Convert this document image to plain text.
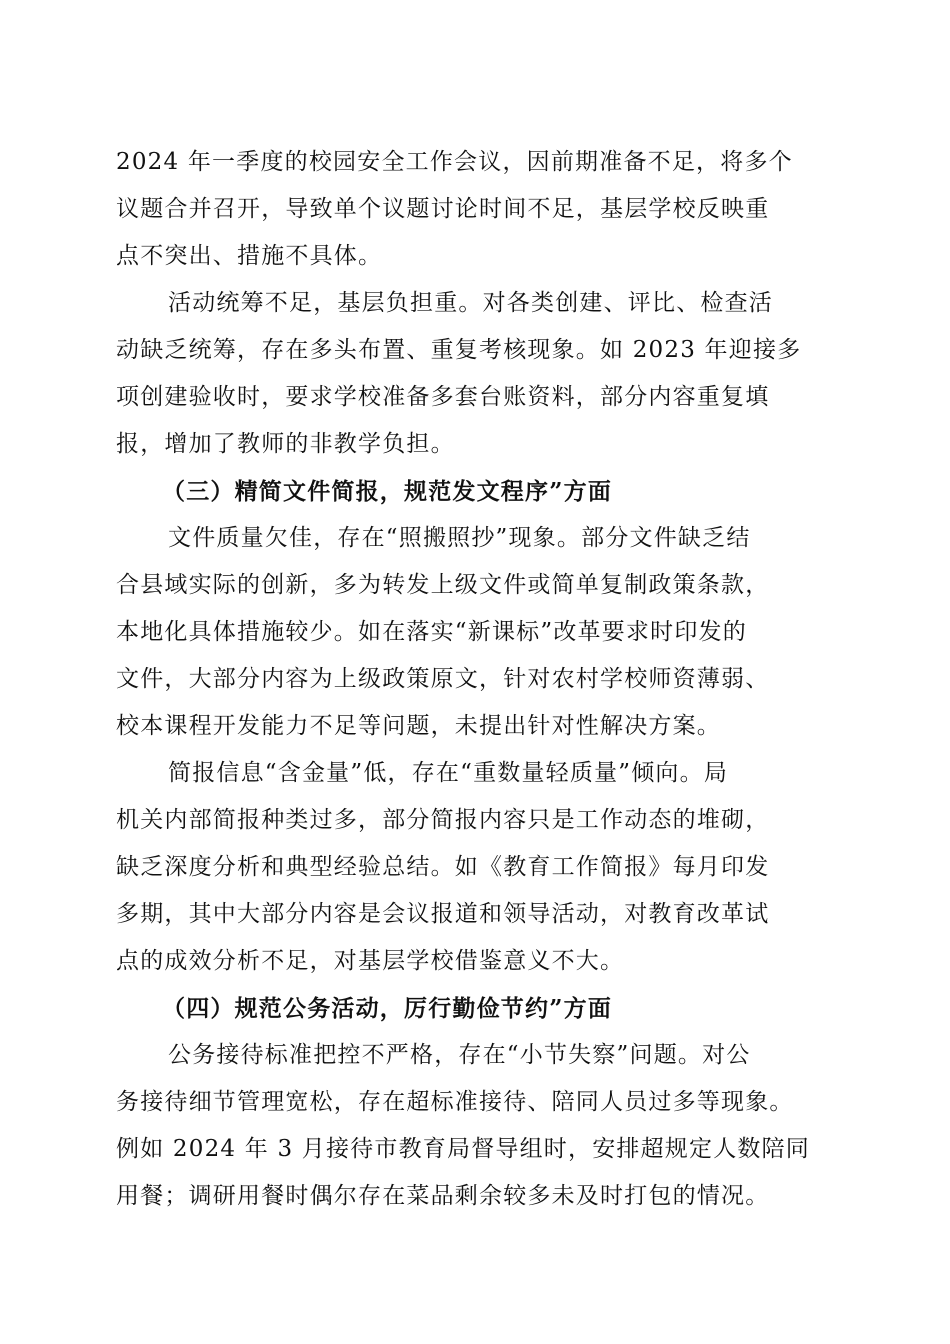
2024 年一季度的校园安全工作会议，因前期准备不足，将多个
议题合并召开，导致单个议题讨论时间不足，基层学校反映重
点不突出、措施不具体。

活动统筹不足，基层负担重。对各类创建、评比、检查活
动缺乏统筹，存在多头布置、重复考核现象。如 2023 年迎接多
项创建验收时，要求学校准备多套台账资料，部分内容重复填
报，增加了教师的非教学负担。

（三）精简文件简报，规范发文程序”方面

文件质量欠佳，存在“照搬照抄”现象。部分文件缺乏结
合县域实际的创新，多为转发上级文件或简单复制政策条款，
本地化具体措施较少。如在落实“新课标”改革要求时印发的
文件，大部分内容为上级政策原文，针对农村学校师资薄弱、
校本课程开发能力不足等问题，未提出针对性解决方案。

简报信息“含金量”低，存在“重数量轻质量”倾向。局
机关内部简报种类过多，部分简报内容只是工作动态的堆砌，
缺乏深度分析和典型经验总结。如《教育工作简报》每月印发
多期，其中大部分内容是会议报道和领导活动，对教育改革试
点的成效分析不足，对基层学校借鉴意义不大。

（四）规范公务活动，厉行勤俭节约”方面

公务接待标准把控不严格，存在“小节失察”问题。对公
务接待细节管理宽松，存在超标准接待、陪同人员过多等现象。
例如 2024 年 3 月接待市教育局督导组时，安排超规定人数陪同
用餐；调研用餐时偶尔存在菜品剩余较多未及时打包的情况。
